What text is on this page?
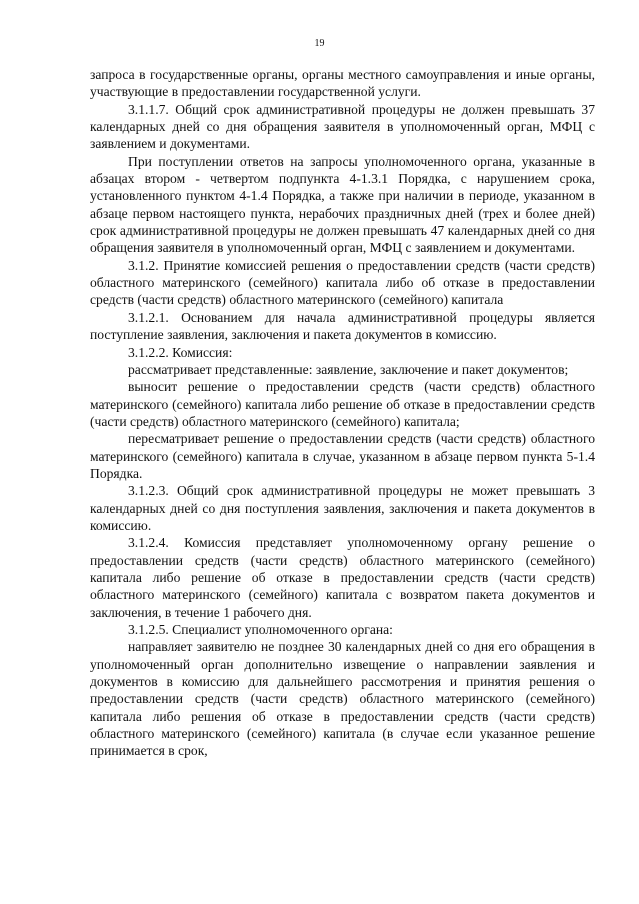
19

запроса в государственные органы, органы местного самоуправления и иные органы, участвующие в предоставлении государственной услуги.

3.1.1.7. Общий срок административной процедуры не должен превышать 37 календарных дней со дня обращения заявителя в уполномоченный орган, МФЦ с заявлением и документами.

При поступлении ответов на запросы уполномоченного органа, указанные в абзацах втором - четвертом подпункта 4-1.3.1 Порядка, с нарушением срока, установленного пунктом 4-1.4 Порядка, а также при наличии в периоде, указанном в абзаце первом настоящего пункта, нерабочих праздничных дней (трех и более дней) срок административной процедуры не должен превышать 47 календарных дней со дня обращения заявителя в уполномоченный орган, МФЦ с заявлением и документами.

3.1.2. Принятие комиссией решения о предоставлении средств (части средств) областного материнского (семейного) капитала либо об отказе в предоставлении средств (части средств) областного материнского (семейного) капитала

3.1.2.1. Основанием для начала административной процедуры является поступление заявления, заключения и пакета документов в комиссию.

3.1.2.2. Комиссия:

рассматривает представленные: заявление, заключение и пакет документов;

выносит решение о предоставлении средств (части средств) областного материнского (семейного) капитала либо решение об отказе в предоставлении средств (части средств) областного материнского (семейного) капитала;

пересматривает решение о предоставлении средств (части средств) областного материнского (семейного) капитала в случае, указанном в абзаце первом пункта 5-1.4 Порядка.

3.1.2.3. Общий срок административной процедуры не может превышать 3 календарных дней со дня поступления заявления, заключения и пакета документов в комиссию.

3.1.2.4. Комиссия представляет уполномоченному органу решение о предоставлении средств (части средств) областного материнского (семейного) капитала либо решение об отказе в предоставлении средств (части средств) областного материнского (семейного) капитала с возвратом пакета документов и заключения, в течение 1 рабочего дня.

3.1.2.5. Специалист уполномоченного органа:

направляет заявителю не позднее 30 календарных дней со дня его обращения в уполномоченный орган дополнительно извещение о направлении заявления и документов в комиссию для дальнейшего рассмотрения и принятия решения о предоставлении средств (части средств) областного материнского (семейного) капитала либо решения об отказе в предоставлении средств (части средств) областного материнского (семейного) капитала (в случае если указанное решение принимается в срок,
